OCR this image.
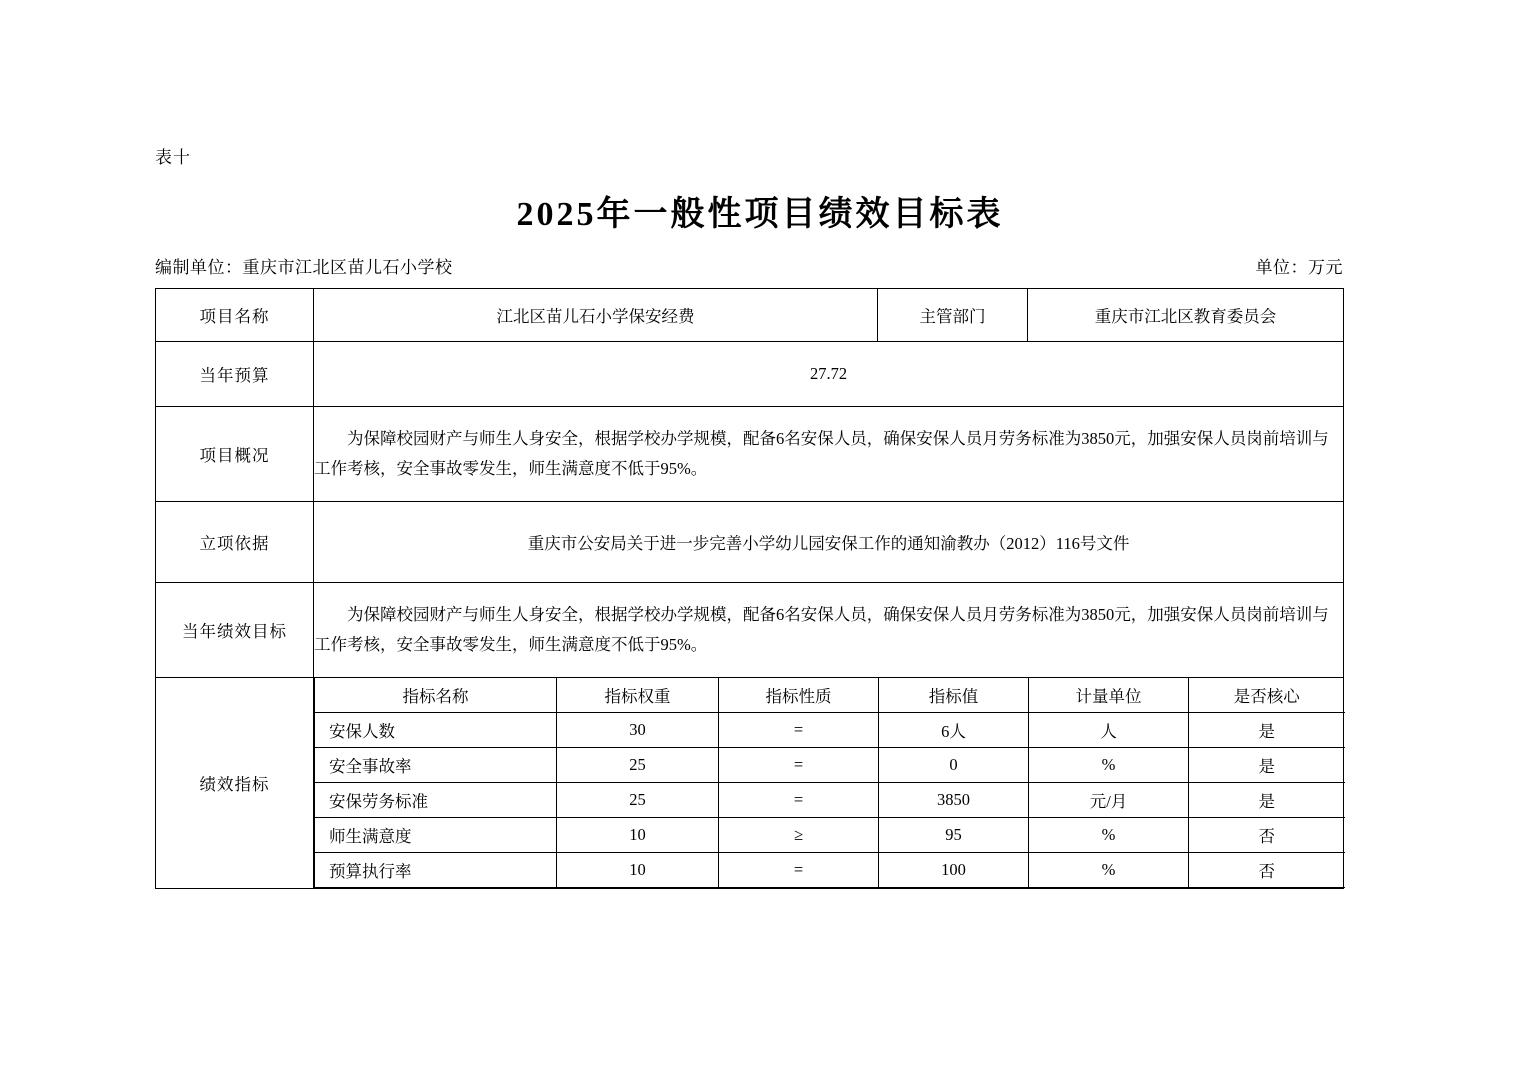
表十
2025年一般性项目绩效目标表
编制单位：重庆市江北区苗儿石小学校	单位：万元
项目名称	江北区苗儿石小学保安经费	主管部门	重庆市江北区教育委员会
当年预算	27.72
项目概况	为保障校园财产与师生人身安全，根据学校办学规模，配备6名安保人员，确保安保人员月劳务标准为3850元，加强安保人员岗前培训与工作考核，安全事故零发生，师生满意度不低于95%。
立项依据	重庆市公安局关于进一步完善小学幼儿园安保工作的通知渝教办（2012）116号文件
当年绩效目标	为保障校园财产与师生人身安全，根据学校办学规模，配备6名安保人员，确保安保人员月劳务标准为3850元，加强安保人员岗前培训与工作考核，安全事故零发生，师生满意度不低于95%。
绩效指标	
指标名称	指标权重	指标性质	指标值	计量单位	是否核心
安保人数	30	=	6人	人	是
安全事故率	25	=	0	%	是
安保劳务标准	25	=	3850	元/月	是
师生满意度	10	≥	95	%	否
预算执行率	10	=	100	%	否
